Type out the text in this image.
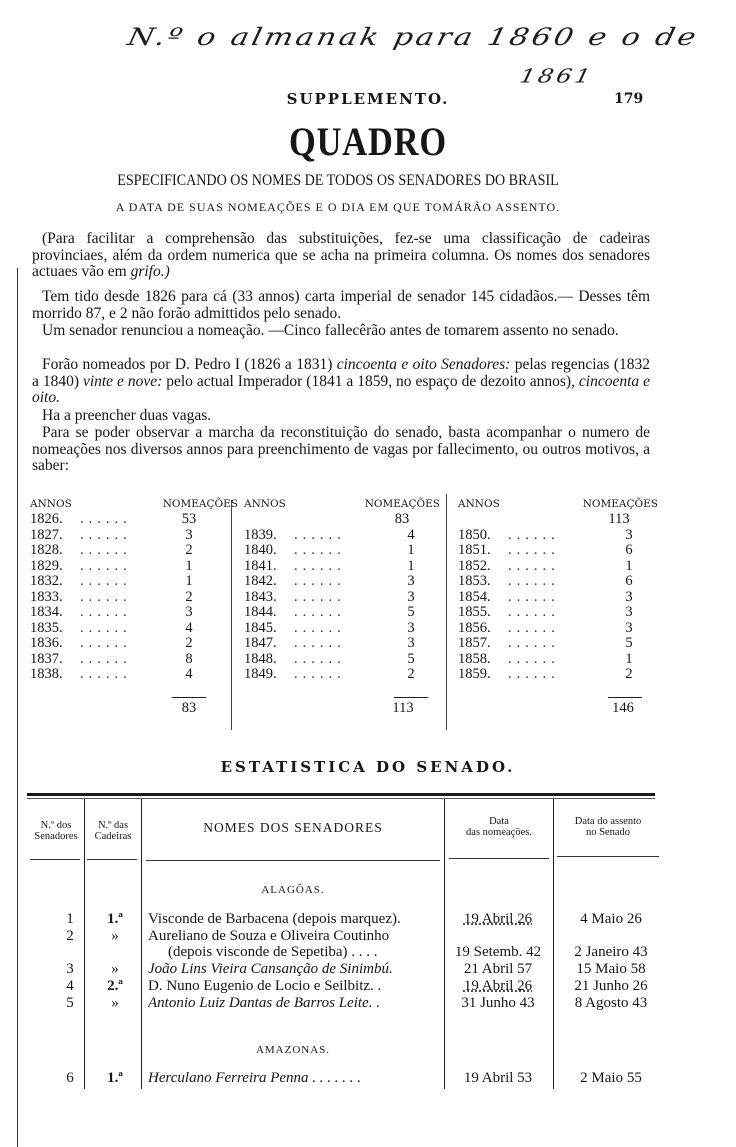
N.º o almanak para 1860 e o de
1861
SUPPLEMENTO.	179
QUADRO
ESPECIFICANDO OS NOMES DE TODOS OS SENADORES DO BRASIL
A DATA DE SUAS NOMEAÇÕES E O DIA EM QUE TOMÁRÃO ASSENTO.
(Para facilitar a comprehensão das substituições, fez-se uma classificação de cadeiras provinciaes, além da ordem numerica que se acha na primeira columna. Os nomes dos senadores actuaes vão em grifo.)
Tem tido desde 1826 para cá (33 annos) carta imperial de senador 145 cidadãos.— Desses têm morrido 87, e 2 não forão admittidos pelo senado.
Um senador renunciou a nomeação. —Cinco fallecêrão antes de tomarem assento no senado.
Forão nomeados por D. Pedro I (1826 a 1831) cincoenta e oito Senadores: pelas regencias (1832 a 1840) vinte e nove: pelo actual Imperador (1841 a 1859, no espaço de dezoito annos), cincoenta e oito.
Ha a preencher duas vagas.
Para se poder observar a marcha da reconstituição do senado, basta acompanhar o numero de nomeações nos diversos annos para preenchimento de vagas por fallecimento, ou outros motivos, a saber:
ANNOS	NOMEAÇÕES
1826. ......	53
1827. ......	3
1828. ......	2
1829. ......	1
1832. ......	1
1833. ......	2
1834. ......	3
1835. ......	4
1836. ......	2
1837. ......	8
1838. ......	4
83
ANNOS	NOMEAÇÕES
83
1839. ......	4
1840. ......	1
1841. ......	1
1842. ......	3
1843. ......	3
1844. ......	5
1845. ......	3
1847. ......	3
1848. ......	5
1849. ......	2
113
ANNOS	NOMEAÇÕES
113
1850. ......	3
1851. ......	6
1852. ......	1
1853. ......	6
1854. ......	3
1855. ......	3
1856. ......	3
1857. ......	5
1858. ......	1
1859. ......	2
146
ESTATISTICA DO SENADO.
N.º dos
Senadores
N.º das
Cadeiras
NOMES DOS SENADORES	Data
das nomeações.
Data do assento
no Senado
ALAGÔAS.
1	1.ª	Visconde de Barbacena (depois marquez).	19 Abril 26	4 Maio 26
2	»	Aureliano de Souza e Oliveira Coutinho
(depois visconde de Sepetiba) . . . .	19 Setemb. 42	2 Janeiro 43
3	»	João Lins Vieira Cansanção de Sinimbú.	21 Abril 57	15 Maio 58
4	2.ª	D. Nuno Eugenio de Locio e Seilbitz. .	19 Abril 26	21 Junho 26
5	»	Antonio Luiz Dantas de Barros Leite. .	31 Junho 43	8 Agosto 43
AMAZONAS.
6	1.ª	Herculano Ferreira Penna . . . . . . .	19 Abril 53	2 Maio 55
